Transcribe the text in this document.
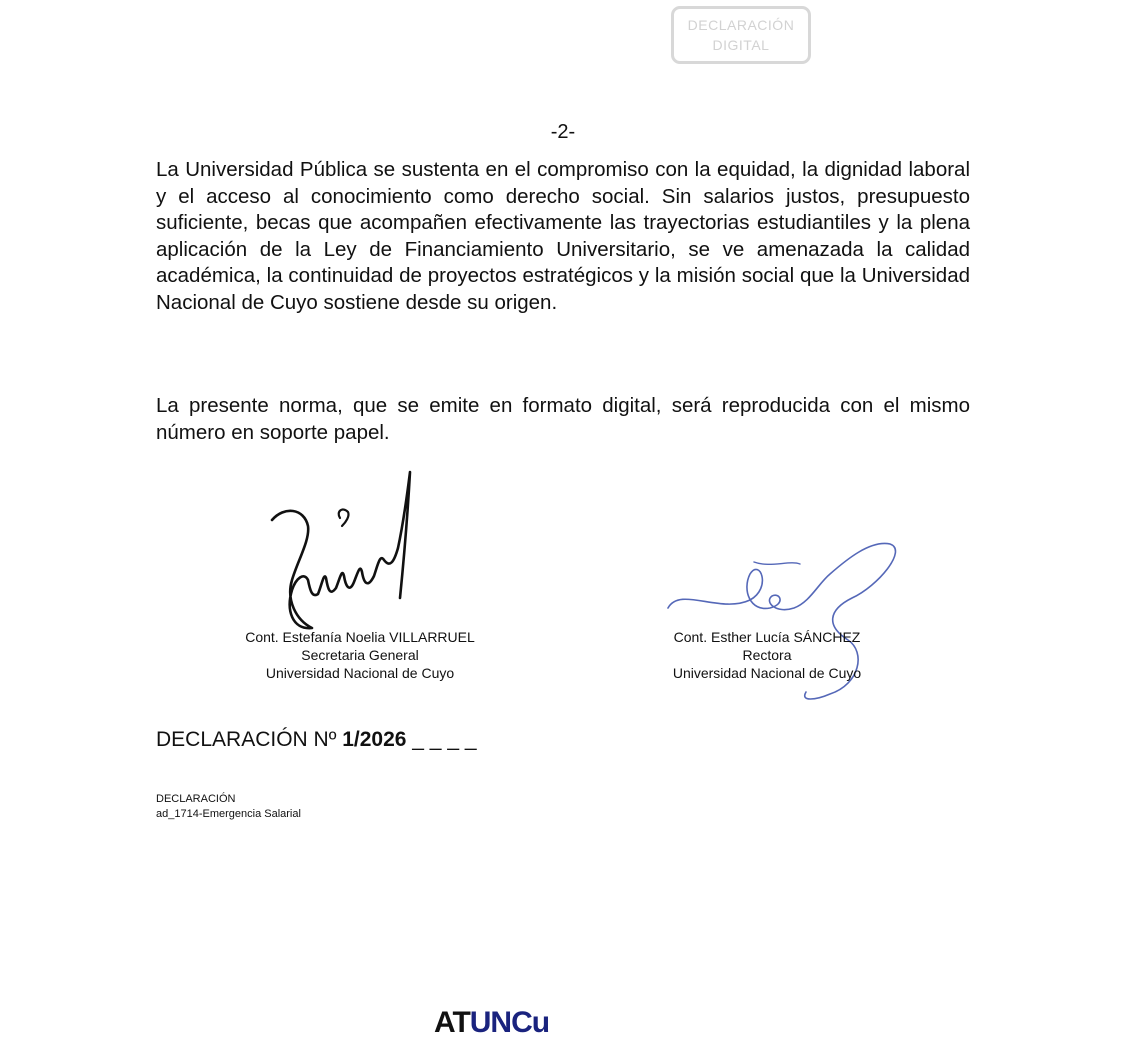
DECLARACIÓN
DIGITAL
-2-

La Universidad Pública se sustenta en el compromiso con la equidad, la dignidad laboral y el acceso al conocimiento como derecho social. Sin salarios justos, presupuesto suficiente, becas que acompañen efectivamente las trayectorias estudiantiles y la plena aplicación de la Ley de Financiamiento Universitario, se ve amenazada la calidad académica, la continuidad de proyectos estratégicos y la misión social que la Universidad Nacional de Cuyo sostiene desde su origen.

La presente norma, que se emite en formato digital, será reproducida con el mismo número en soporte papel.

Cont. Estefanía Noelia VILLARRUEL
Secretaria General
Universidad Nacional de Cuyo
Cont. Esther Lucía SÁNCHEZ
Rectora
Universidad Nacional de Cuyo
DECLARACIÓN Nº 1/2026 _ _ _ _
DECLARACIÓN
ad_1714-Emergencia Salarial
ATUNCu
